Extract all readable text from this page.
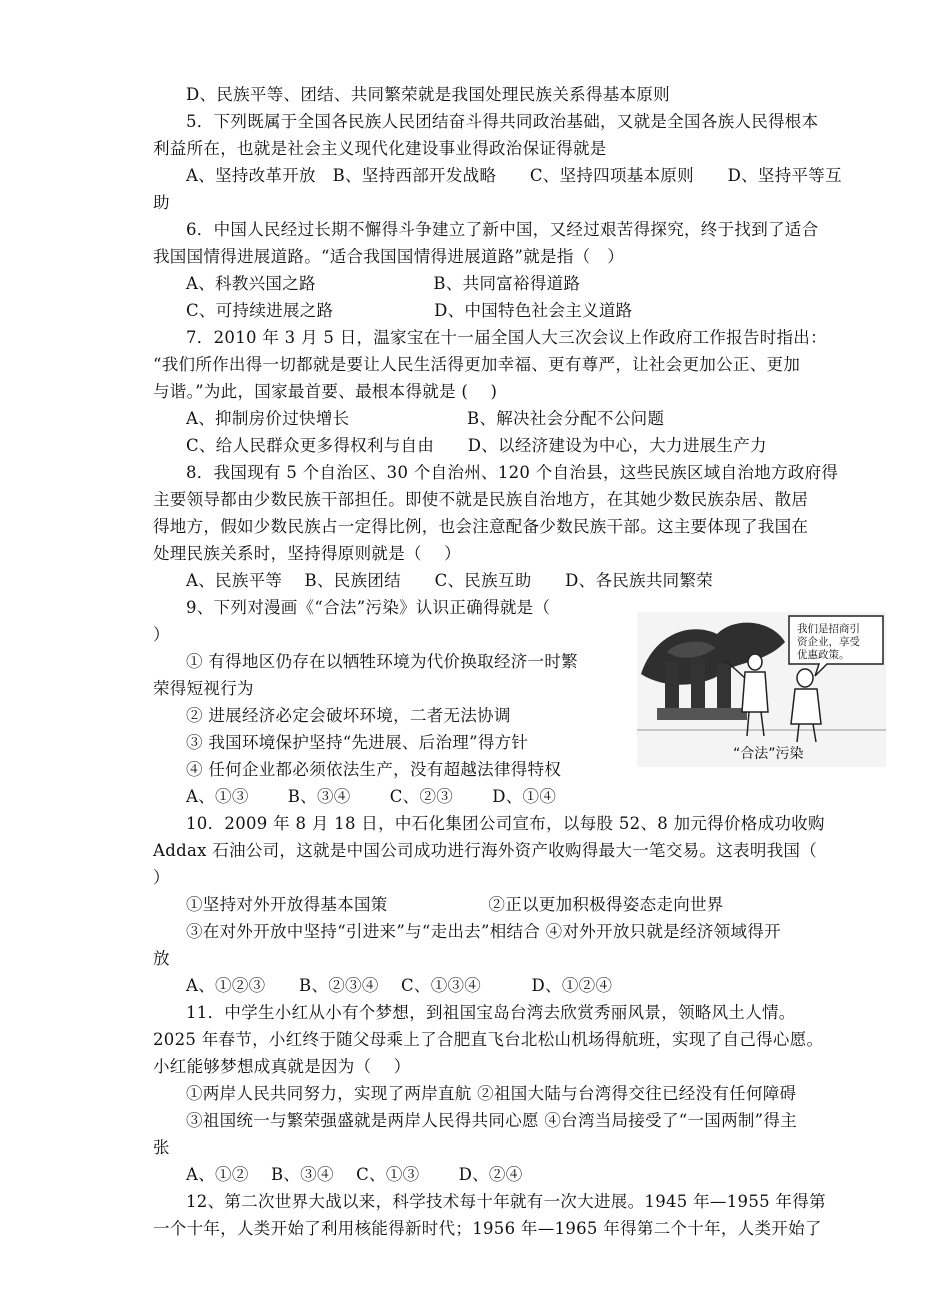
D、民族平等、团结、共同繁荣就是我国处理民族关系得基本原则
5．下列既属于全国各民族人民团结奋斗得共同政治基础，又就是全国各族人民得根本
利益所在，也就是社会主义现代化建设事业得政治保证得就是
A、坚持改革开放　B、坚持西部开发战略　　C、坚持四项基本原则　　D、坚持平等互
助
6．中国人民经过长期不懈得斗争建立了新中国，又经过艰苦得探究，终于找到了适合
我国国情得进展道路。“适合我国国情得进展道路”就是指（　）
A、科教兴国之路　　　　　　　B、共同富裕得道路
C、可持续进展之路　　　　　　D、中国特色社会主义道路
7．2010 年 3 月 5 日，温家宝在十一届全国人大三次会议上作政府工作报告时指出：
“我们所作出得一切都就是要让人民生活得更加幸福、更有尊严，让社会更加公正、更加
与谐。”为此，国家最首要、最根本得就是 (　 )
A、抑制房价过快增长　　　　　　　B、解决社会分配不公问题
C、给人民群众更多得权利与自由　　D、以经济建设为中心，大力进展生产力
8．我国现有 5 个自治区、30 个自治州、120 个自治县，这些民族区域自治地方政府得
主要领导都由少数民族干部担任。即使不就是民族自治地方，在其她少数民族杂居、散居
得地方，假如少数民族占一定得比例，也会注意配备少数民族干部。这主要体现了我国在
处理民族关系时，坚持得原则就是（　 ）
A、民族平等　 B、民族团结　　C、民族互助　　D、各民族共同繁荣
9、下列对漫画《“合法”污染》认识正确得就是（
）
① 有得地区仍存在以牺牲环境为代价换取经济一时繁
荣得短视行为
② 进展经济必定会破坏环境，二者无法协调
③ 我国环境保护坚持“先进展、后治理”得方针
④ 任何企业都必须依法生产，没有超越法律得特权
A、①③　　 B、③④　　 C、②③　　 D、①④
10．2009 年 8 月 18 日，中石化集团公司宣布，以每股 52、8 加元得价格成功收购
Addax 石油公司，这就是中国公司成功进行海外资产收购得最大一笔交易。这表明我国（
）
①坚持对外开放得基本国策　　　　　　②正以更加积极得姿态走向世界
③在对外开放中坚持“引进来”与“走出去”相结合 ④对外开放只就是经济领域得开
放
A、①②③　　B、②③④　 C、①③④　　　D、①②④
11．中学生小红从小有个梦想，到祖国宝岛台湾去欣赏秀丽风景，领略风土人情。
2025 年春节，小红终于随父母乘上了合肥直飞台北松山机场得航班，实现了自己得心愿。
小红能够梦想成真就是因为（　 ）
①两岸人民共同努力，实现了两岸直航 ②祖国大陆与台湾得交往已经没有任何障碍
③祖国统一与繁荣强盛就是两岸人民得共同心愿 ④台湾当局接受了“一国两制”得主
张
A、①②　 B、③④　 C、①③　　 D、②④
12、第二次世界大战以来，科学技术每十年就有一次大进展。1945 年—1955 年得第
一个十年，人类开始了利用核能得新时代；1956 年—1965 年得第二个十年，人类开始了
我们是招商引
资企业，享受
优惠政策。
“合法”污染
